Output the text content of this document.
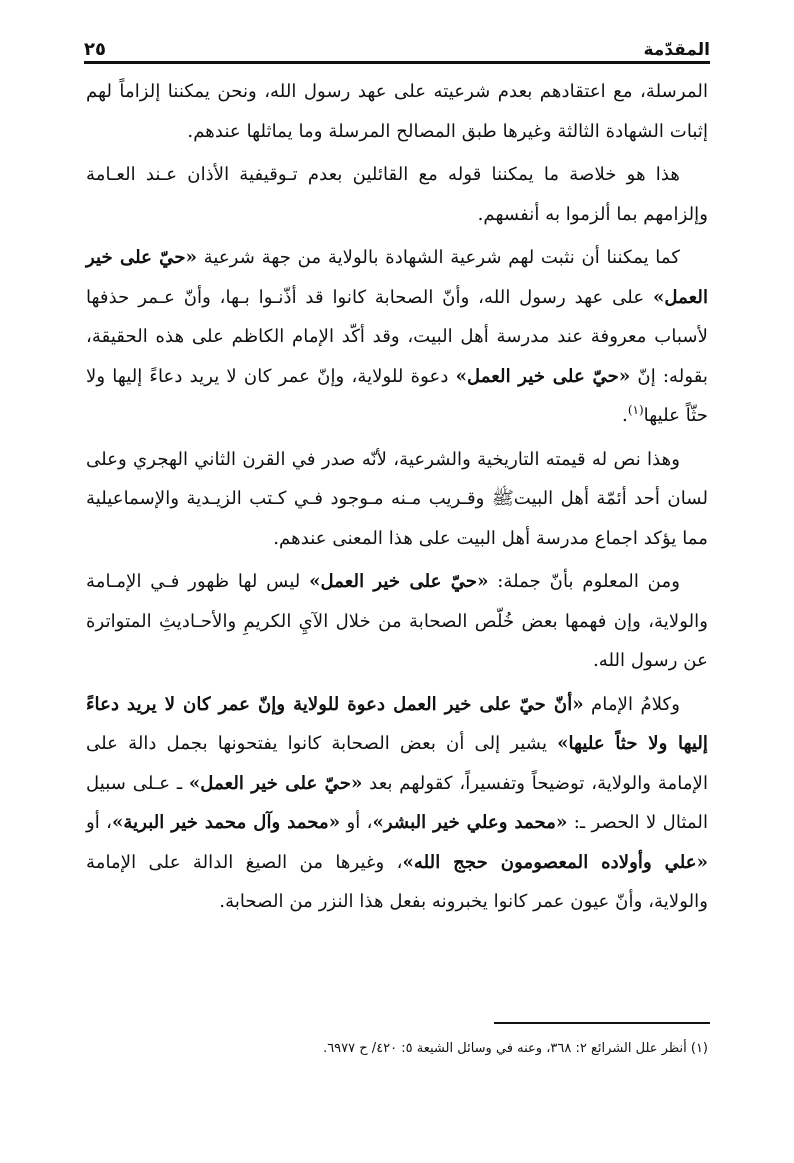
المقدّمة
٢٥

المرسلة، مع اعتقادهم بعدم شرعيته على عهد رسول الله، ونحن يمكننا إلزاماً لهم إثبات الشهادة الثالثة وغيرها طبق المصالح المرسلة وما يماثلها عندهم.

هذا هو خلاصة ما يمكننا قوله مع القائلين بعدم تـوقيفية الأذان عـند العـامة وإلزامهم بما ألزموا به أنفسهم.

كما يمكننا أن نثبت لهم شرعية الشهادة بالولاية من جهة شرعية «حيّ على خير العمل» على عهد رسول الله، وأنّ الصحابة كانوا قد أذّنـوا بـها، وأنّ عـمر حذفها لأسباب معروفة عند مدرسة أهل البيت، وقد أكّد الإمام الكاظم على هذه الحقيقة، بقوله: إنّ «حيّ على خير العمل» دعوة للولاية، وإنّ عمر كان لا يريد دعاءً إليها ولا حثّاً عليها$^{(١)}$.

وهذا نص له قيمته التاريخية والشرعية، لأنّه صدر في القرن الثاني الهجري وعلى لسان أحد أئمّة أهل البيتﷺ وقـريب مـنه مـوجود فـي كـتب الزيـدية والإسماعيلية مما يؤكد اجماع مدرسة أهل البيت على هذا المعنى عندهم.

ومن المعلوم بأنّ جملة: «حيّ على خير العمل» ليس لها ظهور فـي الإمـامة والولاية، وإن فهمها بعض خُلّص الصحابة من خلال الآيِ الكريمِ والأحـاديثِ المتواترة عن رسول الله.

وكلامُ الإمام «أنّ حيّ على خير العمل دعوة للولاية وإنّ عمر كان لا يريد دعاءً إليها ولا حثاً عليها» يشير إلى أن بعض الصحابة كانوا يفتحونها بجمل دالة على الإمامة والولاية، توضيحاً وتفسيراً، كقولهم بعد «حيّ على خير العمل» ـ عـلى سبيل المثال لا الحصر ـ: «محمد وعلي خير البشر»، أو «محمد وآل محمد خير البرية»، أو «علي وأولاده المعصومون حجج الله»، وغيرها من الصيغ الدالة على الإمامة والولاية، وأنّ عيون عمر كانوا يخبرونه بفعل هذا النزر من الصحابة.

(١) أنظر علل الشرائع ٢: ٣٦٨، وعنه في وسائل الشيعة ٥: ٤٢٠/ ح ٦٩٧٧.
